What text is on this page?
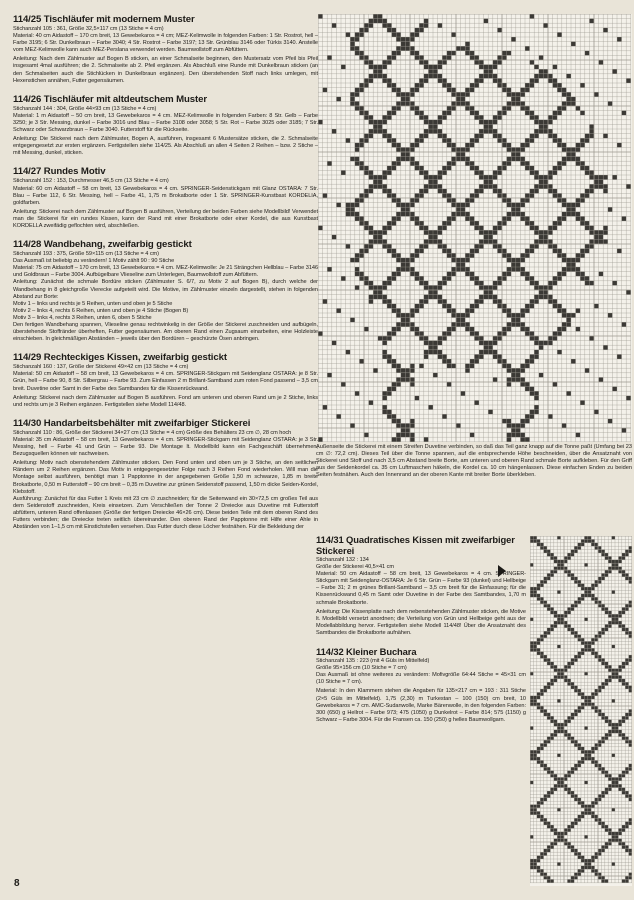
114/25 Tischläufer mit modernem Muster

Stichanzahl 105 : 361, Größe 32,5×117 cm (13 Stiche = 4 cm)

Material: 40 cm Aidastoff – 170 cm breit, 13 Gewebekaros = 4 cm; MEZ-Kelimwolle in folgenden Farben: 1 Str. Rostrot, hell – Farbe 3195; 6 Str. Dunkelbraun – Farbe 3040; 4 Str. Rostrot – Farbe 3197; 13 Str. Grünblau 3146 oder Türkis 3140. Anstelle vom MEZ-Kelimwolle kann auch MEZ-Perslana verwendet werden. Baumwollstoff zum Abfüttern.

Anleitung: Nach dem Zählmuster auf Bogen B sticken, an einer Schmalseite beginnen, den Mustersatz vom Pfeil bis Pfeil insgesamt 4mal ausführen; die 2. Schmalseite ab 2. Pfeil ergänzen. Als Abschluß eine Runde mit Dunkelbraun sticken (an den Schmalseiten auch die Stichlücken in Dunkelbraun ergänzen). Den überstehenden Stoff nach links umlegen, mit Hexenstichen annähen, Futter gegensäumen.

114/26 Tischläufer mit altdeutschem Muster

Stichanzahl 144 : 304, Größe 44×93 cm (13 Stiche = 4 cm)

Material: 1 m Aidastoff – 50 cm breit, 13 Gewebekaros = 4 cm. MEZ-Kelimwolle in folgenden Farben: 8 Str. Gelb – Farbe 3250; je 3 Str. Messing, dunkel – Farbe 3016 und Blau – Farbe 3108 oder 3058; 5 Str. Rot – Farbe 3025 oder 3185; 7 Str. Schwarz oder Schwarzbraun – Farbe 3040. Futterstoff für die Rückseite.

Anleitung: Die Stickerei nach dem Zählmuster, Bogen A, ausführen, insgesamt 6 Mustersätze sticken, die 2. Schmalseite entgegengesetzt zur ersten ergänzen. Fertigstellen siehe 114/25. Als Abschluß an allen 4 Seiten 2 Reihen – bzw. 2 Stiche – mit Messing, dunkel, sticken.

114/27 Rundes Motiv

Stichanzahl 152 : 153, Durchmesser 46,5 cm (13 Stiche = 4 cm)

Material: 60 cm Aidastoff – 58 cm breit, 13 Gewebekaros = 4 cm. SPRINGER-Seidenstickgarn mit Glanz OSTARA: 7 Str. Blau – Farbe 112, 6 Str. Messing, hell – Farbe 41, 1,75 m Brokatborte oder 1 Str. SPRINGER-Kunstbast KORDELIA, goldfarben.

Anleitung: Stickerei nach dem Zählmuster auf Bogen B ausführen, Verteilung der beiden Farben siehe Modellbild! Verwendet man die Stickerei für ein rundes Kissen, kann der Rand mit einer Brokatborte oder einer Kordel, die aus Kunstbast KORDELLA zweifädig geflochten wird, abschließen.

114/28 Wandbehang, zweifarbig gestickt

Stichanzahl 193 : 375, Größe 59×115 cm (13 Stiche = 4 cm)

Das Ausmaß ist beliebig zu verändern! 1 Motiv zählt 90 : 90 Stiche

Material: 75 cm Aidastoff – 170 cm breit, 13 Gewebekaros = 4 cm. MEZ-Kelimwolle: Je 21 Strängchen Hellblau – Farbe 3146 und Goldbraun – Farbe 3004. Aufbügelbare Vlieseline zum Unterlegen, Baumwollstoff zum Abfüttern.

Anleitung: Zunächst die schmale Bordüre sticken (Zählmuster S. 6/7, zu Motiv 2 auf Bogen B), durch welche der Wandbehang in 8 gleichgroße Vierecke aufgeteilt wird. Die Motive, im Zählmuster einzeln dargestellt, stehen in folgenden Abstand zur Borte:

Motiv 1 – links und rechts je 5 Reihen, unten und oben je 5 Stiche

Motiv 2 – links 4, rechts 6 Reihen, unten und oben je 4 Stiche (Bogen B)

Motiv 3 – links 4, rechts 3 Reihen, unten 6, oben 5 Stiche

Den fertigen Wandbehang spannen, Vlieseline genau rechtwinkelig in der Größe der Stickerei zuschneiden und aufbügeln, überstehende Stoffränder überheften, Futter gegensäumen. Am oberen Rand einen Zugsaum einarbeiten, eine Holzleiste einschieben. In gleichmäßigen Abständen – jeweils über den Bordüren – geschürzte Ösen anbringen.

114/29 Rechteckiges Kissen, zweifarbig gestickt

Stichanzahl 160 : 137, Größe der Stickerei 49×42 cm (13 Stiche = 4 cm)

Material: 50 cm Aidastoff – 58 cm breit, 13 Gewebekaros = 4 cm. SPRINGER-Stickgarn mit Seidenglanz OSTARA: je 8 Str. Grün, hell – Farbe 90, 8 Str. Silbergrau – Farbe 93. Zum Einfassen 2 m Brillant-Samtband zum roten Fond passend – 3,5 cm breit. Duvetine oder Samt in der Farbe des Samtbandes für die Kissenrückwand.

Anleitung: Stickerei nach dem Zählmuster auf Bogen B ausführen. Fond am unteren und oberen Rand um je 2 Stiche, links und rechts um je 3 Reihen ergänzen. Fertigstellen siehe Modell 114/48.

114/30 Handarbeitsbehälter mit zweifarbiger Stickerei

Stichanzahl 110 : 86, Größe der Stickerei 34×27 cm (13 Stiche = 4 cm) Größe des Behälters 23 cm ∅, 28 cm hoch

Material: 35 cm Aidastoff – 58 cm breit, 13 Gewebekaros = 4 cm. SPRINGER-Stickgarn mit Seidenglanz OSTARA: je 3 Str. Messing, hell – Farbe 41 und Grün – Farbe 93. Die Montage lt. Modellbild kann ein Fachgeschäft übernehmen, Bezugsquellen können wir nachweisen.

Anleitung: Motiv nach obenstehendem Zählmuster sticken. Den Fond unten und oben um je 3 Stiche, an den seitlichen Rändern um 2 Reihen ergänzen. Das Motiv in entgegengesetzter Folge nach 3 Reihen Fond wiederholen. Will man die Montage selbst ausführen, benötigt man 1 Papptonne in der angegebenen Größe 1,50 m schwarze, 1,85 m breite Brokatborte, 0,50 m Futterstoff – 90 cm breit – 0,35 m Duvetine zur grünen Seidenstoff passend, 1,50 m dicke Seiden-Kordel, Klebstoff.

Ausführung: Zunächst für das Futter 1 Kreis mit 23 cm ∅ zuschneiden; für die Seitenwand ein 30×72,5 cm großes Teil aus dem Seidenstoff zuschneiden, Kreis einsetzen. Zum Verschließen der Tonne 2 Dreiecke aus Duvetine mit Futterstoff abfüttern, unteren Rand offenlassen (Größe der fertigen Dreiecke 46×26 cm). Diese beiden Teile mit dem oberen Rand des Futters verbinden; die Dreiecke treten seitlich übereinander. Den oberen Rand der Papptonne mit Hilfe einer Ahle in Abständen von 1–1,5 cm mit Einstichstellen versehen. Das Futter durch diese Löcher festnähen. Für die Bekleidung der

Außenseite die Stickerei mit einem Streifen Duvetine verbinden, so daß das Teil ganz knapp auf die Tonne paßt (Umfang bei 23 cm ∅: 72,2 cm). Dieses Teil über die Tonne spannen, auf die entsprechende Höhe beschneiden, über die Ansatznaht von Stickerei und Stoff und nach 3,5 cm Abstand breite Borte, am unteren und oberen Rand schmale Borte aufkleben. Für den Griff aus der Seidenkordel ca. 35 cm Luftmaschen häkeln, die Kordel ca. 10 cm hängenlassen. Diese einfachen Enden zu beiden Seiten festnähen. Auch den Innenrand an der oberen Kante mit breiter Borte überkleben.

114/31 Quadratisches Kissen mit zweifarbiger Stickerei

Stichanzahl 132 : 134

Größe der Stickerei 40,5×41 cm

Material: 50 cm Aidastoff – 58 cm breit, 13 Gewebekaros = 4 cm. SPRINGER-Stickgarn mit Seidenglanz-OSTARA: Je 6 Str. Grün – Farbe 93 (dunkel) und Hellbeige – Farbe 31; 2 m grünes Brillant-Samtband – 3,5 cm breit für die Einfassung; für die Kissenrückwand 0,45 m Samt oder Duvetine in der Farbe des Samtbandes, 1,70 m schmale Brokatborte.

Anleitung: Die Kissenplatte nach dem nebenstehenden Zählmuster sticken, die Motive lt. Modellbild versetzt anordnen; die Verteilung von Grün und Hellbeige geht aus der Modellabbildung hervor. Fertigstellen siehe Modell 114/48! Über die Ansatznaht des Samtbandes die Brokatborte aufnähen.

114/32 Kleiner Buchara

Stichanzahl 135 : 223 (mit 4 Güls im Mittelfeld)

Größe 95×156 cm (10 Stiche = 7 cm)

Das Ausmaß ist ohne weiteres zu verändern: Mofivgröße 64:44 Stiche = 45×31 cm (10 Stiche = 7 cm).

Material: In den Klammern stehen die Angaben für 135×217 cm = 193 : 311 Stiche (2×5 Güls im Mittelfeld). 1,75 (2,30) m Turkestan – 100 (150) cm breit, 10 Gewebekaros = 7 cm. AMC-Sudanwolle, Marke Bärenwolle, in den folgenden Farben: 300 (650) g Hellrot – Farbe 973; 475 (1050) g Dunkelrot – Farbe 814; 575 (1150) g Schwarz – Farbe 3004. Für die Fransen ca. 150 (250) g helles Baumwollgarn.

8
